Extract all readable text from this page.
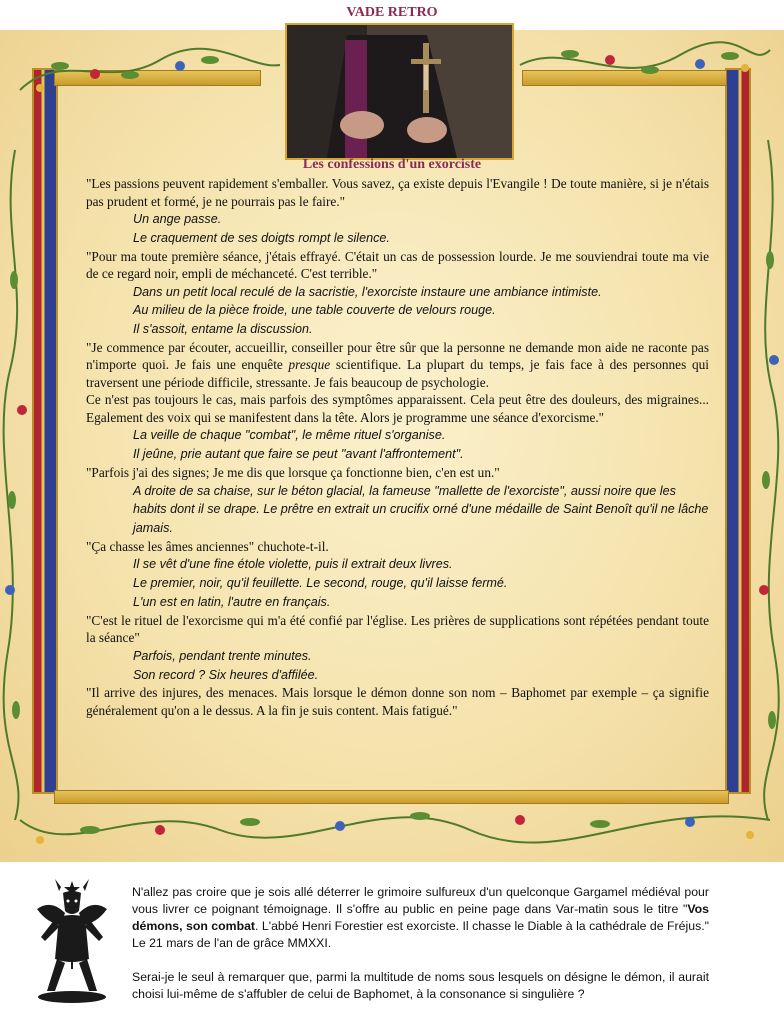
VADE RETRO
Les confessions d'un exorciste

"Les passions peuvent rapidement s'emballer. Vous savez, ça existe depuis l'Evangile ! De toute manière, si je n'étais pas prudent et formé, je ne pourrais pas le faire."

Un ange passe.

Le craquement de ses doigts rompt le silence.

"Pour ma toute première séance, j'étais effrayé. C'était un cas de possession lourde. Je me souviendrai toute ma vie de ce regard noir, empli de méchanceté. C'est terrible."

Dans un petit local reculé de la sacristie, l'exorciste instaure une ambiance intimiste.

Au milieu de la pièce froide, une table couverte de velours rouge.

Il s'assoit, entame la discussion.

"Je commence par écouter, accueillir, conseiller pour être sûr que la personne ne demande mon aide ne raconte pas n'importe quoi. Je fais une enquête presque scientifique. La plupart du temps, je fais face à des personnes qui traversent une période difficile, stressante. Je fais beaucoup de psychologie.

Ce n'est pas toujours le cas, mais parfois des symptômes apparaissent. Cela peut être des douleurs, des migraines... Egalement des voix qui se manifestent dans la tête. Alors je programme une séance d'exorcisme."

La veille de chaque "combat", le même rituel s'organise.

Il jeûne, prie autant que faire se peut "avant l'affrontement".

"Parfois j'ai des signes; Je me dis que lorsque ça fonctionne bien, c'en est un."

A droite de sa chaise, sur le béton glacial, la fameuse "mallette de l'exorciste", aussi noire que les habits dont il se drape. Le prêtre en extrait un crucifix orné d'une médaille de Saint Benoît qu'il ne lâche jamais.

"Ça chasse les âmes anciennes" chuchote-t-il.

Il se vêt d'une fine étole violette, puis il extrait deux livres.

Le premier, noir, qu'il feuillette. Le second, rouge, qu'il laisse fermé.

L'un est en latin, l'autre en français.

"C'est le rituel de l'exorcisme qui m'a été confié par l'église. Les prières de supplications sont répétées pendant toute la séance"

Parfois, pendant trente minutes.

Son record ? Six heures d'affilée.

"Il arrive des injures, des menaces. Mais lorsque le démon donne son nom – Baphomet par exemple – ça signifie généralement qu'on a le dessus. A la fin je suis content. Mais fatigué."

N'allez pas croire que je sois allé déterrer le grimoire sulfureux d'un quelconque Gargamel médiéval pour vous livrer ce poignant témoignage. Il s'offre au public en peine page dans Var-matin sous le titre "Vos démons, son combat. L'abbé Henri Forestier est exorciste. Il chasse le Diable à la cathédrale de Fréjus." Le 21 mars de l'an de grâce MMXXI.

Serai-je le seul à remarquer que, parmi la multitude de noms sous lesquels on désigne le démon, il aurait choisi lui-même de s'affubler de celui de Baphomet, à la consonance si singulière ?
